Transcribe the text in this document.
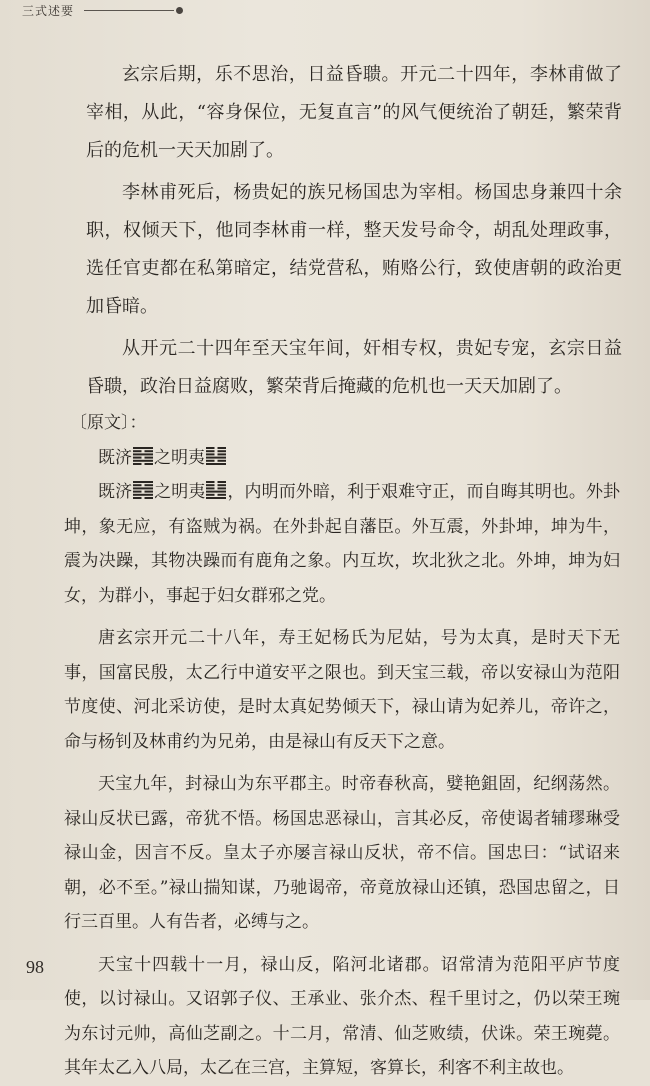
三式述要

玄宗后期，乐不思治，日益昏聩。开元二十四年，李林甫做了宰相，从此，“容身保位，无复直言”的风气便统治了朝廷，繁荣背后的危机一天天加剧了。

李林甫死后，杨贵妃的族兄杨国忠为宰相。杨国忠身兼四十余职，权倾天下，他同李林甫一样，整天发号命令，胡乱处理政事，选任官吏都在私第暗定，结党营私，贿赂公行，致使唐朝的政治更加昏暗。

从开元二十四年至天宝年间，奸相专权，贵妃专宠，玄宗日益昏聩，政治日益腐败，繁荣背后掩藏的危机也一天天加剧了。

〔原文〕：

既济 之明夷

既济 之明夷 ，内明而外暗，利于艰难守正，而自晦其明也。外卦坤，象无应，有盗贼为祸。在外卦起自藩臣。外互震，外卦坤，坤为牛，震为决躁，其物决躁而有鹿角之象。内互坎，坎北狄之北。外坤，坤为妇女，为群小，事起于妇女群邪之党。

唐玄宗开元二十八年，寿王妃杨氏为尼姑，号为太真，是时天下无事，国富民殷，太乙行中道安平之限也。到天宝三载，帝以安禄山为范阳节度使、河北采访使，是时太真妃势倾天下，禄山请为妃养儿，帝许之，命与杨钊及林甫约为兄弟，由是禄山有反天下之意。

天宝九年，封禄山为东平郡主。时帝春秋高，嬖艳鉏固，纪纲荡然。禄山反状已露，帝犹不悟。杨国忠恶禄山，言其必反，帝使谒者辅璆琳受禄山金，因言不反。皇太子亦屡言禄山反状，帝不信。国忠曰：“试诏来朝，必不至。”禄山揣知谋，乃驰谒帝，帝竟放禄山还镇，恐国忠留之，日行三百里。人有告者，必缚与之。

天宝十四载十一月，禄山反，陷河北诸郡。诏常清为范阳平庐节度使，以讨禄山。又诏郭子仪、王承业、张介杰、程千里讨之，仍以荣王琬为东讨元帅，高仙芝副之。十二月，常清、仙芝败绩，伏诛。荣王琬薨。其年太乙入八局，太乙在三宫，主算短，客算长，利客不利主故也。

98
